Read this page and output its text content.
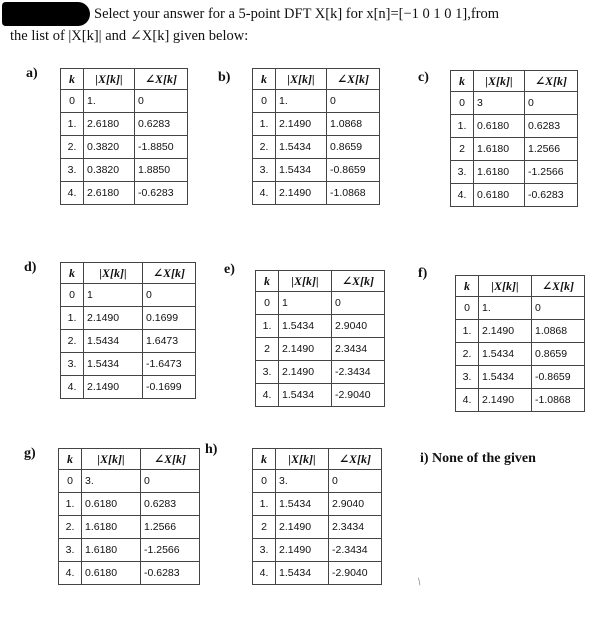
Select your answer for a 5-point DFT X[k] for x[n]=[−1 0 1 0 1],from
the list of |X[k]| and ∠X[k] given below:
a)	k	|X[k]|	∠X[k]
0	1.	0
1.	2.6180	0.6283
2.	0.3820	-1.8850
3.	0.3820	1.8850
4.	2.6180	-0.6283
b)	k	|X[k]|	∠X[k]
0	1.	0
1.	2.1490	1.0868
2.	1.5434	0.8659
3.	1.5434	-0.8659
4.	2.1490	-1.0868
c)	k	|X[k]|	∠X[k]
0	3	0
1.	0.6180	0.6283
2	1.6180	1.2566
3.	1.6180	-1.2566
4.	0.6180	-0.6283
d)	k	|X[k]|	∠X[k]
0	1	0
1.	2.1490	0.1699
2.	1.5434	1.6473
3.	1.5434	-1.6473
4.	2.1490	-0.1699
e)
k	|X[k]|	∠X[k]
0	1	0
1.	1.5434	2.9040
2	2.1490	2.3434
3.	2.1490	-2.3434
4.	1.5434	-2.9040
f)
k	|X[k]|	∠X[k]
0	1.	0
1.	2.1490	1.0868
2.	1.5434	0.8659
3.	1.5434	-0.8659
4.	2.1490	-1.0868
g)	k	|X[k]|	∠X[k]
0	3.	0
1.	0.6180	0.6283
2.	1.6180	1.2566
3.	1.6180	-1.2566
4.	0.6180	-0.6283
h)
k	|X[k]|	∠X[k]
0	3.	0
1.	1.5434	2.9040
2	2.1490	2.3434
3.	2.1490	-2.3434
4.	1.5434	-2.9040
i) None of the given
/
